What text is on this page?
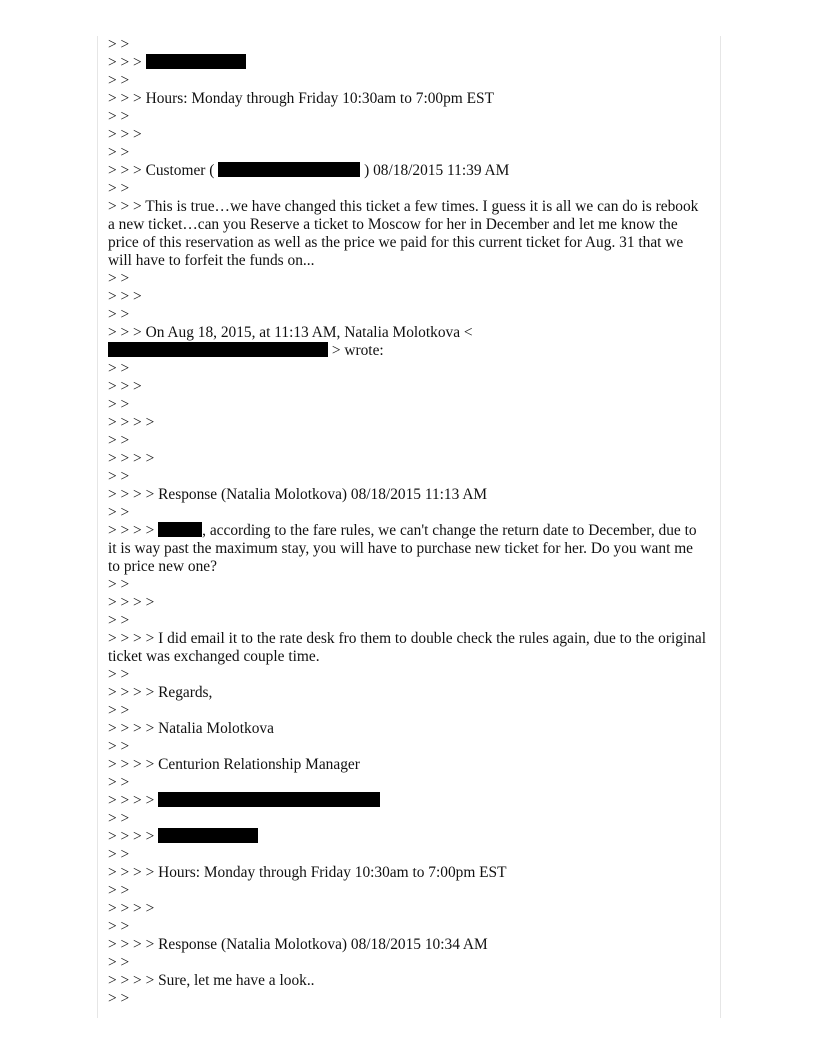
> >
> > >
> >
> > > Hours: Monday through Friday 10:30am to 7:00pm EST
> >
> > >
> >
> > > Customer (	) 08/18/2015 11:39 AM
> >
> > > This is true…we have changed this ticket a few times. I guess it is all we can do is rebook a new ticket…can you Reserve a ticket to Moscow for her in December and let me know the price of this reservation as well as the price we paid for this current ticket for Aug. 31 that we will have to forfeit the funds on...
> >
> > >
> >
> > > On Aug 18, 2015, at 11:13 AM, Natalia Molotkova <
> wrote:
> >
> > >
> >
> > > >
> >
> > > >
> >
> > > > Response (Natalia Molotkova) 08/18/2015 11:13 AM
> >
> > > >	, according to the fare rules, we can't change the return date to December, due to it is way past the maximum stay, you will have to purchase new ticket for her. Do you want me to price new one?
> >
> > > >
> >
> > > > I did email it to the rate desk fro them to double check the rules again, due to the original ticket was exchanged couple time.
> >
> > > > Regards,
> >
> > > > Natalia Molotkova
> >
> > > > Centurion Relationship Manager
> >
> > > >
> >
> > > >
> >
> > > > Hours: Monday through Friday 10:30am to 7:00pm EST
> >
> > > >
> >
> > > > Response (Natalia Molotkova) 08/18/2015 10:34 AM
> >
> > > > Sure, let me have a look..
> >
